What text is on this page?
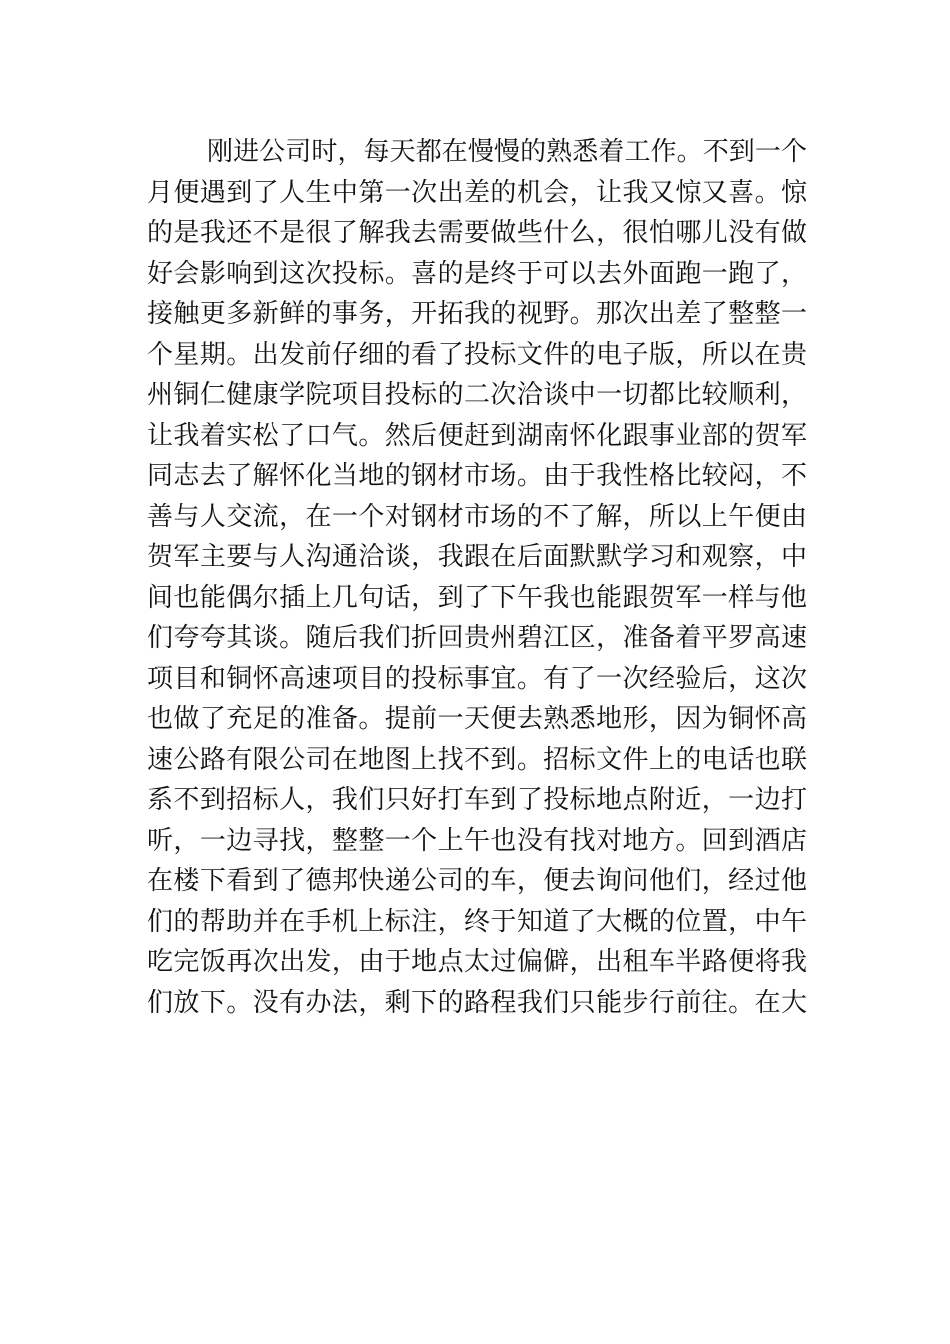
刚进公司时，每天都在慢慢的熟悉着工作。不到一个
月便遇到了人生中第一次出差的机会，让我又惊又喜。惊
的是我还不是很了解我去需要做些什么，很怕哪儿没有做
好会影响到这次投标。喜的是终于可以去外面跑一跑了，
接触更多新鲜的事务，开拓我的视野。那次出差了整整一
个星期。出发前仔细的看了投标文件的电子版，所以在贵
州铜仁健康学院项目投标的二次洽谈中一切都比较顺利，
让我着实松了口气。然后便赶到湖南怀化跟事业部的贺军
同志去了解怀化当地的钢材市场。由于我性格比较闷，不
善与人交流，在一个对钢材市场的不了解，所以上午便由
贺军主要与人沟通洽谈，我跟在后面默默学习和观察，中
间也能偶尔插上几句话，到了下午我也能跟贺军一样与他
们夸夸其谈。随后我们折回贵州碧江区，准备着平罗高速
项目和铜怀高速项目的投标事宜。有了一次经验后，这次
也做了充足的准备。提前一天便去熟悉地形，因为铜怀高
速公路有限公司在地图上找不到。招标文件上的电话也联
系不到招标人，我们只好打车到了投标地点附近，一边打
听，一边寻找，整整一个上午也没有找对地方。回到酒店
在楼下看到了德邦快递公司的车，便去询问他们，经过他
们的帮助并在手机上标注，终于知道了大概的位置，中午
吃完饭再次出发，由于地点太过偏僻，出租车半路便将我
们放下。没有办法，剩下的路程我们只能步行前往。在大
